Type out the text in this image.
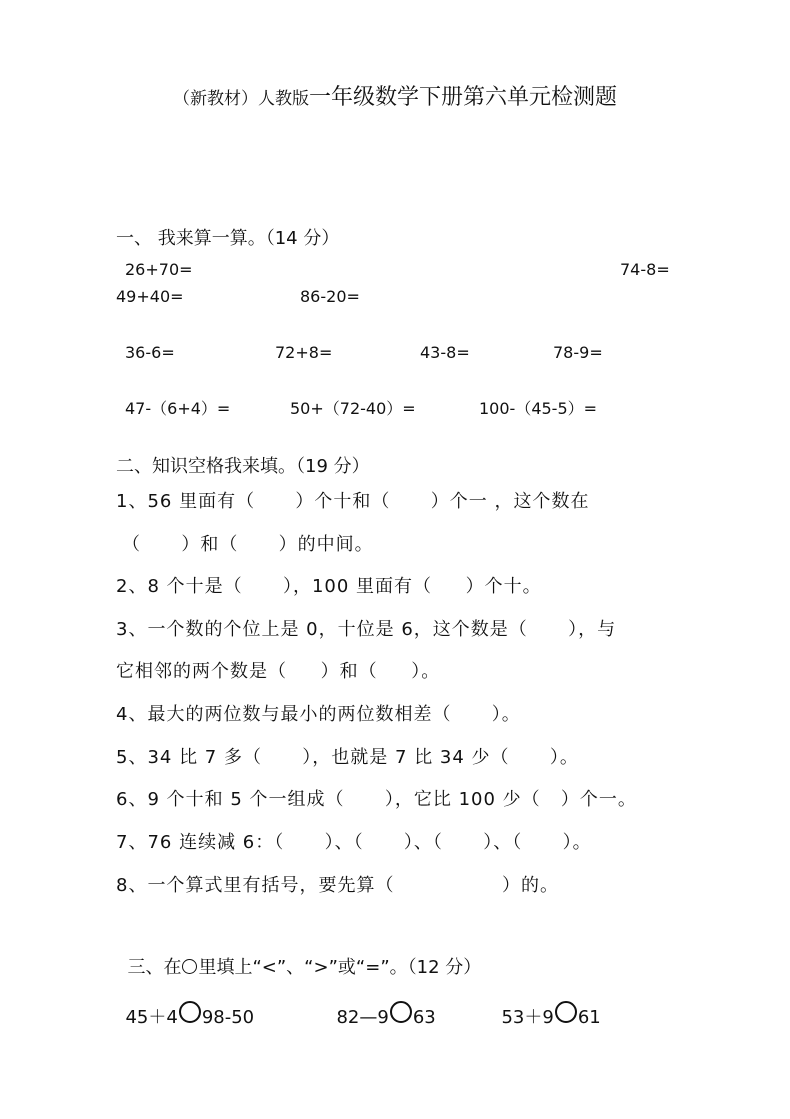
（新教材）人教版一年级数学下册第六单元检测题
一、 我来算一算。（14 分）
26+70=	74-8=
49+40=	86-20=
36-6=	72+8=	43-8=	78-9=
47-（6+4）=	50+（72-40）=	100-（45-5）=
二、知识空格我来填。（19 分）
1、56 里面有（      ）个十和（      ）个一 ，这个数在
（      ）和（      ）的中间。
2、8 个十是（      ），100 里面有（     ）个十。
3、一个数的个位上是 0，十位是 6，这个数是（      ），与
它相邻的两个数是（     ）和（     ）。
4、最大的两位数与最小的两位数相差（      ）。
5、34 比 7 多（      ），也就是 7 比 34 少（      ）。
6、9 个十和 5 个一组成（      ），它比 100 少（   ）个一。
7、76 连续减 6：（      ）、（      ）、（      ）、（      ）。
8、一个算式里有括号，要先算（                ）的。

三、在 里填上“<”、“>”或“=”。（12 分）

45＋4 98-50	82—9 63	53＋9 61
